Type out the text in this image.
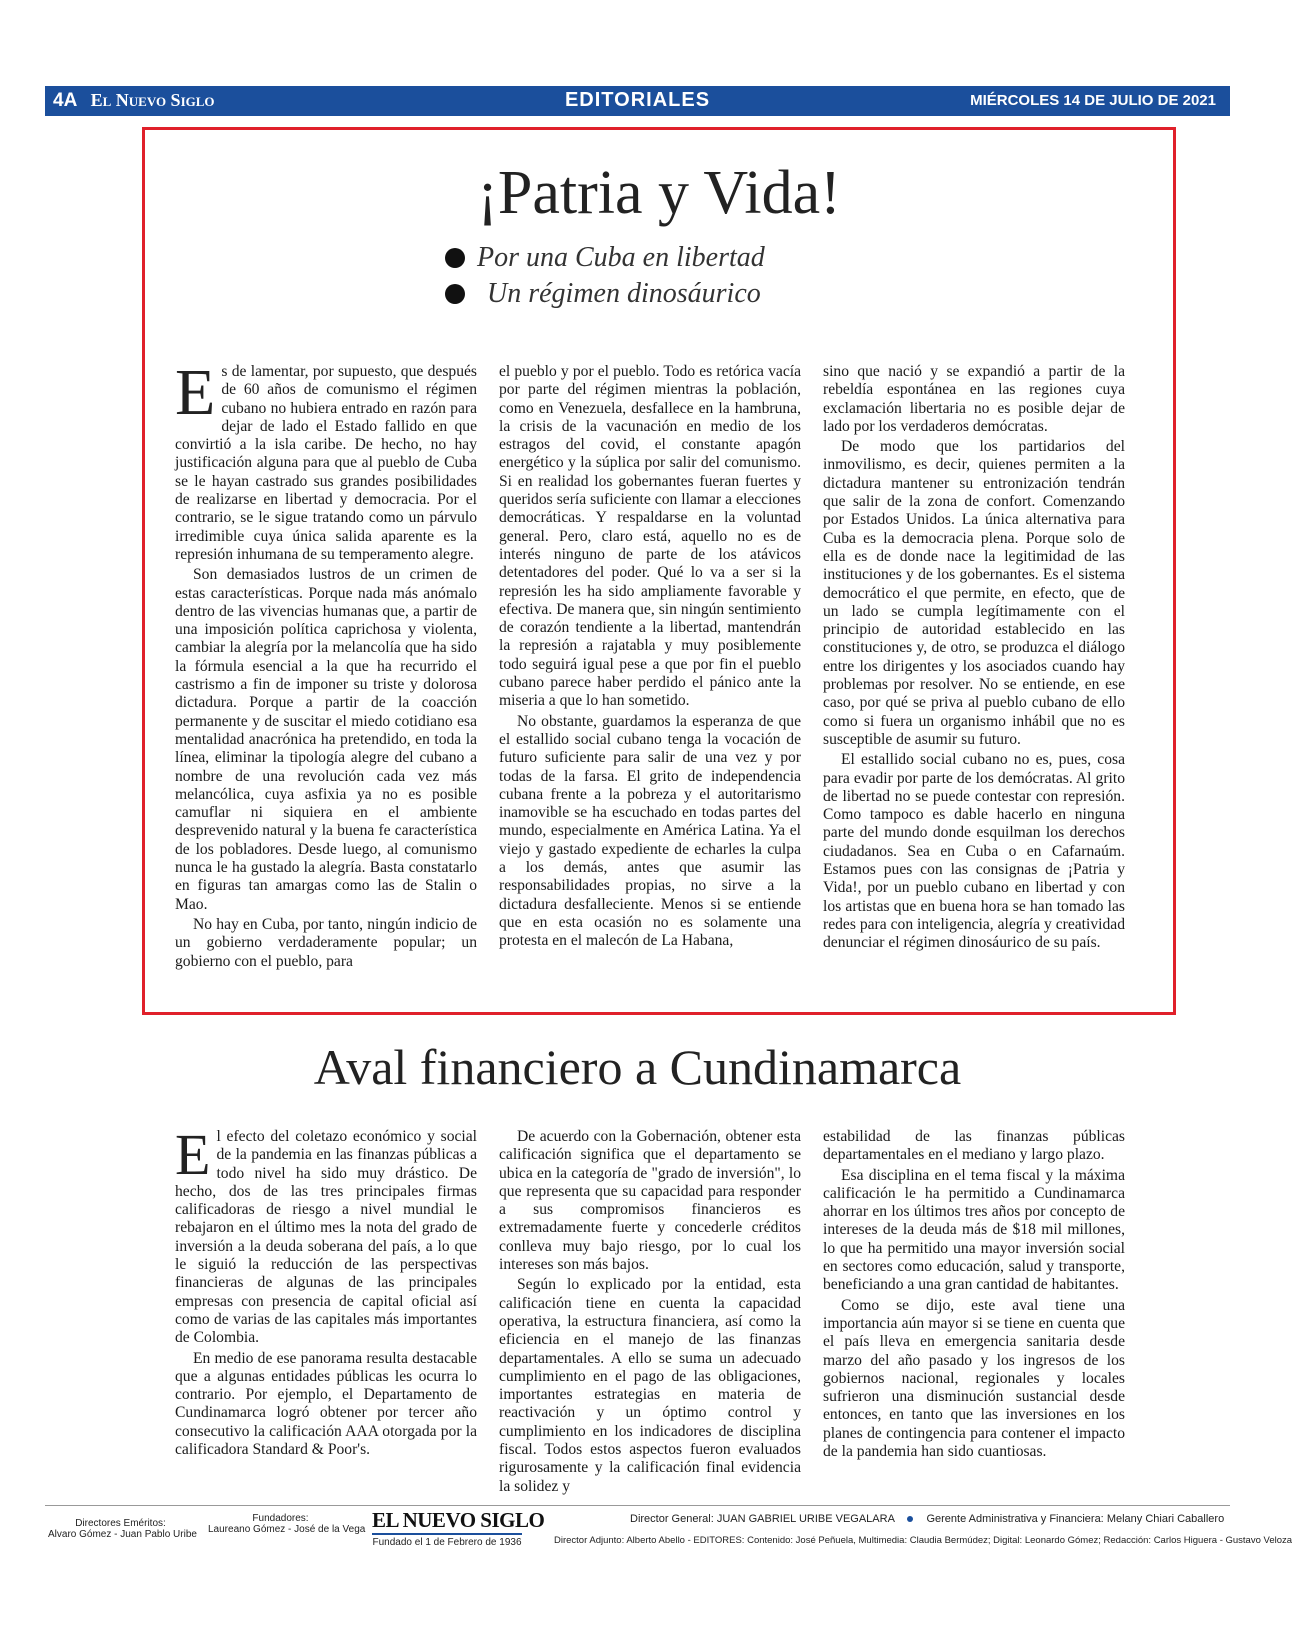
4A El Nuevo Siglo	EDITORIALES	MIÉRCOLES 14 DE JULIO DE 2021
¡Patria y Vida!
Por una Cuba en libertad
Un régimen dinosáurico

Es de lamentar, por supuesto, que después de 60 años de comunismo el régimen cubano no hubiera entrado en razón para dejar de lado el Estado fallido en que convirtió a la isla caribe. De hecho, no hay justificación alguna para que al pueblo de Cuba se le hayan castrado sus grandes posibilidades de realizarse en libertad y democracia. Por el contrario, se le sigue tratando como un párvulo irredimible cuya única salida aparente es la represión inhumana de su temperamento alegre.

Son demasiados lustros de un crimen de estas características. Porque nada más anómalo dentro de las vivencias humanas que, a partir de una imposición política caprichosa y violenta, cambiar la alegría por la melancolía que ha sido la fórmula esencial a la que ha recurrido el castrismo a fin de imponer su triste y dolorosa dictadura. Porque a partir de la coacción permanente y de suscitar el miedo cotidiano esa mentalidad anacrónica ha pretendido, en toda la línea, eliminar la tipología alegre del cubano a nombre de una revolución cada vez más melancólica, cuya asfixia ya no es posible camuflar ni siquiera en el ambiente desprevenido natural y la buena fe característica de los pobladores. Desde luego, al comunismo nunca le ha gustado la alegría. Basta constatarlo en figuras tan amargas como las de Stalin o Mao.

No hay en Cuba, por tanto, ningún indicio de un gobierno verdaderamente popular; un gobierno con el pueblo, para

el pueblo y por el pueblo. Todo es retórica vacía por parte del régimen mientras la población, como en Venezuela, desfallece en la hambruna, la crisis de la vacunación en medio de los estragos del covid, el constante apagón energético y la súplica por salir del comunismo. Si en realidad los gobernantes fueran fuertes y queridos sería suficiente con llamar a elecciones democráticas. Y respaldarse en la voluntad general. Pero, claro está, aquello no es de interés ninguno de parte de los atávicos detentadores del poder. Qué lo va a ser si la represión les ha sido ampliamente favorable y efectiva. De manera que, sin ningún sentimiento de corazón tendiente a la libertad, mantendrán la represión a rajatabla y muy posiblemente todo seguirá igual pese a que por fin el pueblo cubano parece haber perdido el pánico ante la miseria a que lo han sometido.

No obstante, guardamos la esperanza de que el estallido social cubano tenga la vocación de futuro suficiente para salir de una vez y por todas de la farsa. El grito de independencia cubana frente a la pobreza y el autoritarismo inamovible se ha escuchado en todas partes del mundo, especialmente en América Latina. Ya el viejo y gastado expediente de echarles la culpa a los demás, antes que asumir las responsabilidades propias, no sirve a la dictadura desfalleciente. Menos si se entiende que en esta ocasión no es solamente una protesta en el malecón de La Habana,

sino que nació y se expandió a partir de la rebeldía espontánea en las regiones cuya exclamación libertaria no es posible dejar de lado por los verdaderos demócratas.

De modo que los partidarios del inmovilismo, es decir, quienes permiten a la dictadura mantener su entronización tendrán que salir de la zona de confort. Comenzando por Estados Unidos. La única alternativa para Cuba es la democracia plena. Porque solo de ella es de donde nace la legitimidad de las instituciones y de los gobernantes. Es el sistema democrático el que permite, en efecto, que de un lado se cumpla legítimamente con el principio de autoridad establecido en las constituciones y, de otro, se produzca el diálogo entre los dirigentes y los asociados cuando hay problemas por resolver. No se entiende, en ese caso, por qué se priva al pueblo cubano de ello como si fuera un organismo inhábil que no es susceptible de asumir su futuro.

El estallido social cubano no es, pues, cosa para evadir por parte de los demócratas. Al grito de libertad no se puede contestar con represión. Como tampoco es dable hacerlo en ninguna parte del mundo donde esquilman los derechos ciudadanos. Sea en Cuba o en Cafarnaúm. Estamos pues con las consignas de ¡Patria y Vida!, por un pueblo cubano en libertad y con los artistas que en buena hora se han tomado las redes para con inteligencia, alegría y creatividad denunciar el régimen dinosáurico de su país.

Aval financiero a Cundinamarca

El efecto del coletazo económico y social de la pandemia en las finanzas públicas a todo nivel ha sido muy drástico. De hecho, dos de las tres principales firmas calificadoras de riesgo a nivel mundial le rebajaron en el último mes la nota del grado de inversión a la deuda soberana del país, a lo que le siguió la reducción de las perspectivas financieras de algunas de las principales empresas con presencia de capital oficial así como de varias de las capitales más importantes de Colombia.

En medio de ese panorama resulta destacable que a algunas entidades públicas les ocurra lo contrario. Por ejemplo, el Departamento de Cundinamarca logró obtener por tercer año consecutivo la calificación AAA otorgada por la calificadora Standard & Poor's.

De acuerdo con la Gobernación, obtener esta calificación significa que el departamento se ubica en la categoría de "grado de inversión", lo que representa que su capacidad para responder a sus compromisos financieros es extremadamente fuerte y concederle créditos conlleva muy bajo riesgo, por lo cual los intereses son más bajos.

Según lo explicado por la entidad, esta calificación tiene en cuenta la capacidad operativa, la estructura financiera, así como la eficiencia en el manejo de las finanzas departamentales. A ello se suma un adecuado cumplimiento en el pago de las obligaciones, importantes estrategias en materia de reactivación y un óptimo control y cumplimiento en los indicadores de disciplina fiscal. Todos estos aspectos fueron evaluados rigurosamente y la calificación final evidencia la solidez y

estabilidad de las finanzas públicas departamentales en el mediano y largo plazo.

Esa disciplina en el tema fiscal y la máxima calificación le ha permitido a Cundinamarca ahorrar en los últimos tres años por concepto de intereses de la deuda más de $18 mil millones, lo que ha permitido una mayor inversión social en sectores como educación, salud y transporte, beneficiando a una gran cantidad de habitantes.

Como se dijo, este aval tiene una importancia aún mayor si se tiene en cuenta que el país lleva en emergencia sanitaria desde marzo del año pasado y los ingresos de los gobiernos nacional, regionales y locales sufrieron una disminución sustancial desde entonces, en tanto que las inversiones en los planes de contingencia para contener el impacto de la pandemia han sido cuantiosas.

Directores Eméritos:
Alvaro Gómez - Juan Pablo Uribe
Fundadores:
Laureano Gómez - José de la Vega EL NUEVO SIGLO
Fundado el 1 de Febrero de 1936
Director General: JUAN GABRIEL URIBE VEGALARA	Gerente Administrativa y Financiera: Melany Chiari Caballero
Director Adjunto: Alberto Abello - EDITORES: Contenido: José Peñuela, Multimedia: Claudia Bermúdez; Digital: Leonardo Gómez; Redacción: Carlos Higuera - Gustavo Veloza
